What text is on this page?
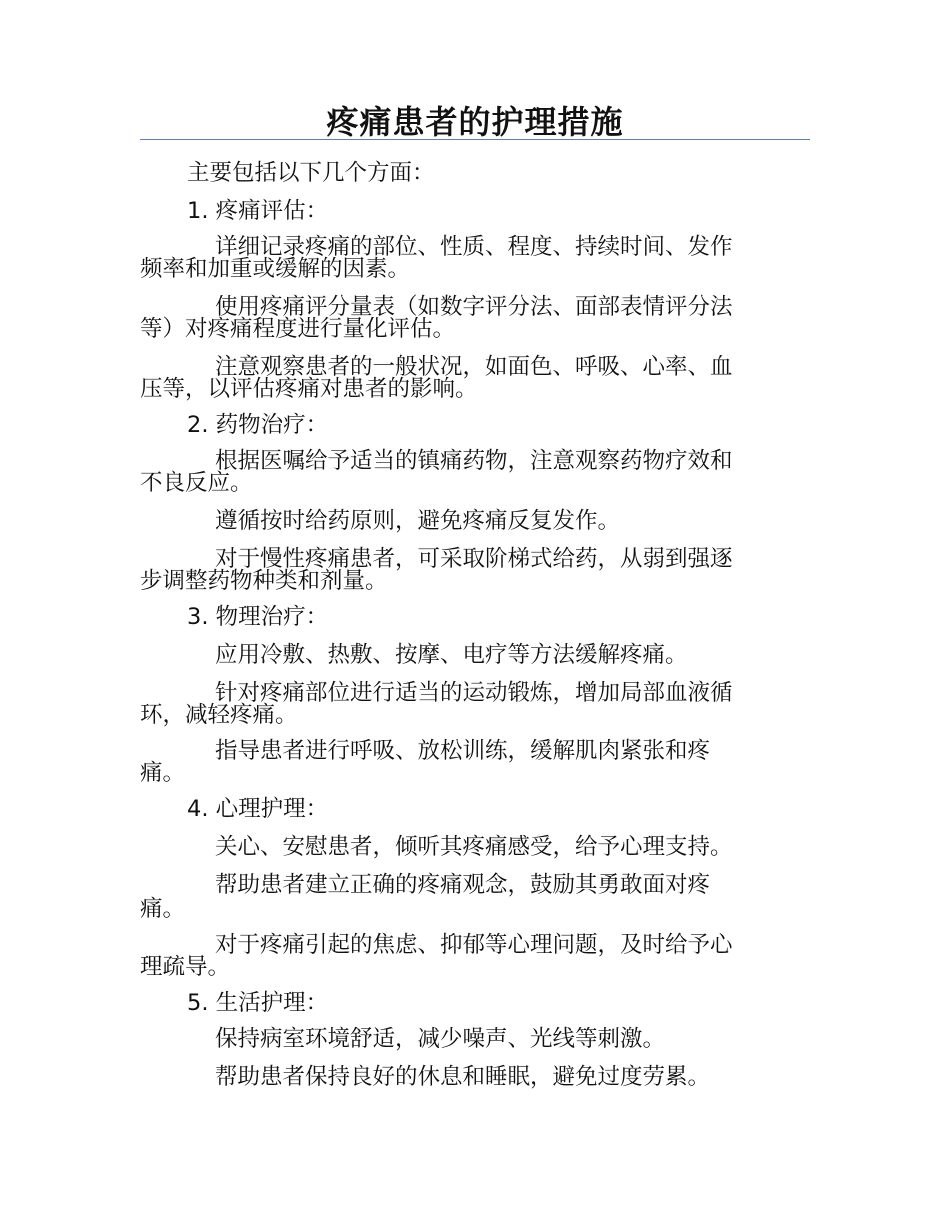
疼痛患者的护理措施
主要包括以下几个方面：
1. 疼痛评估：
详细记录疼痛的部位、性质、程度、持续时间、发作
频率和加重或缓解的因素。
使用疼痛评分量表（如数字评分法、面部表情评分法
等）对疼痛程度进行量化评估。
注意观察患者的一般状况，如面色、呼吸、心率、血
压等，以评估疼痛对患者的影响。
2. 药物治疗：
根据医嘱给予适当的镇痛药物，注意观察药物疗效和
不良反应。
遵循按时给药原则，避免疼痛反复发作。
对于慢性疼痛患者，可采取阶梯式给药，从弱到强逐
步调整药物种类和剂量。
3. 物理治疗：
应用冷敷、热敷、按摩、电疗等方法缓解疼痛。
针对疼痛部位进行适当的运动锻炼，增加局部血液循
环，减轻疼痛。
指导患者进行呼吸、放松训练，缓解肌肉紧张和疼
痛。
4. 心理护理：
关心、安慰患者，倾听其疼痛感受，给予心理支持。
帮助患者建立正确的疼痛观念，鼓励其勇敢面对疼
痛。
对于疼痛引起的焦虑、抑郁等心理问题，及时给予心
理疏导。
5. 生活护理：
保持病室环境舒适，减少噪声、光线等刺激。
帮助患者保持良好的休息和睡眠，避免过度劳累。
